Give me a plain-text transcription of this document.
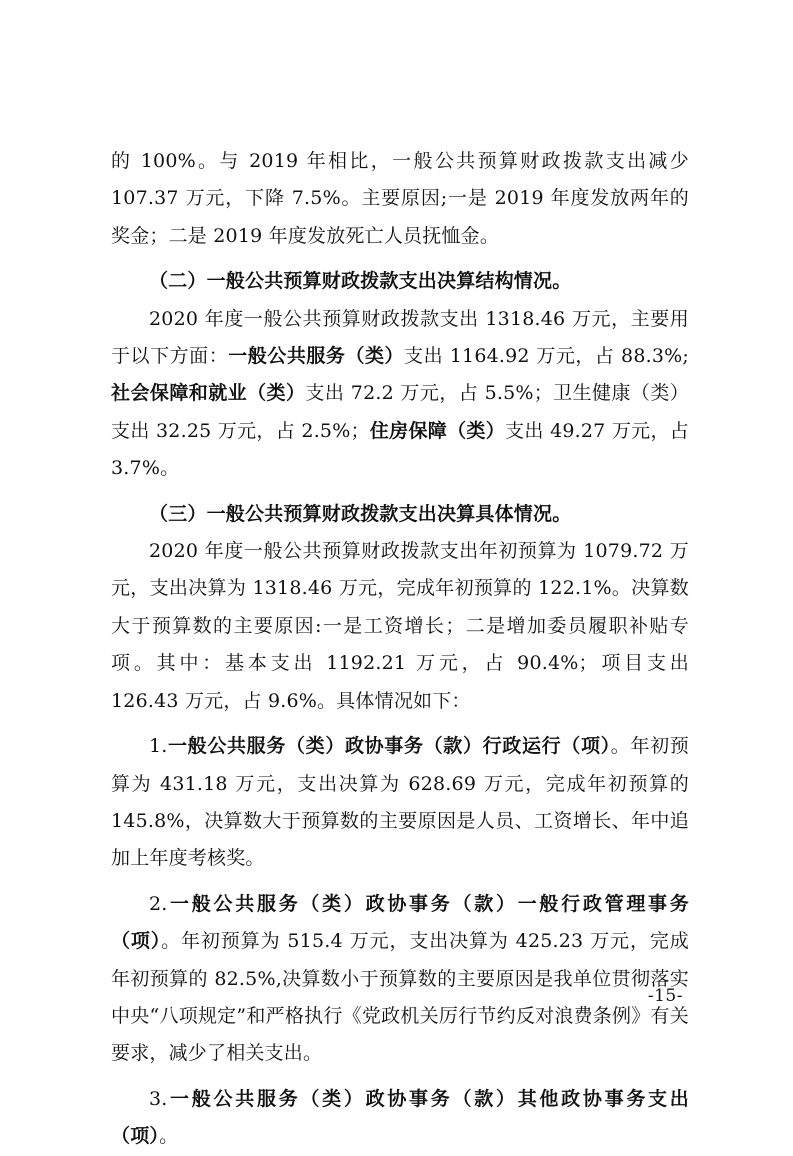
的 100%。与 2019 年相比，一般公共预算财政拨款支出减少 107.37 万元，下降 7.5%。主要原因;一是 2019 年度发放两年的奖金；二是 2019 年度发放死亡人员抚恤金。

（二）一般公共预算财政拨款支出决算结构情况。

2020 年度一般公共预算财政拨款支出 1318.46 万元，主要用于以下方面：一般公共服务（类）支出 1164.92 万元，占 88.3%;社会保障和就业（类）支出 72.2 万元，占 5.5%；卫生健康（类）支出 32.25 万元，占 2.5%；住房保障（类）支出 49.27 万元，占 3.7%。

（三）一般公共预算财政拨款支出决算具体情况。

2020 年度一般公共预算财政拨款支出年初预算为 1079.72 万元，支出决算为 1318.46 万元，完成年初预算的 122.1%。决算数大于预算数的主要原因:一是工资增长；二是增加委员履职补贴专项。其中：基本支出 1192.21 万元，占 90.4%；项目支出 126.43 万元，占 9.6%。具体情况如下：

1.一般公共服务（类）政协事务（款）行政运行（项）。年初预算为 431.18 万元，支出决算为 628.69 万元，完成年初预算的 145.8%，决算数大于预算数的主要原因是人员、工资增长、年中追加上年度考核奖。

2.一般公共服务（类）政协事务（款）一般行政管理事务（项）。年初预算为 515.4 万元，支出决算为 425.23 万元，完成年初预算的 82.5%,决算数小于预算数的主要原因是我单位贯彻落实中央“八项规定”和严格执行《党政机关厉行节约反对浪费条例》有关要求，减少了相关支出。

3.一般公共服务（类）政协事务（款）其他政协事务支出（项）。

-15-
